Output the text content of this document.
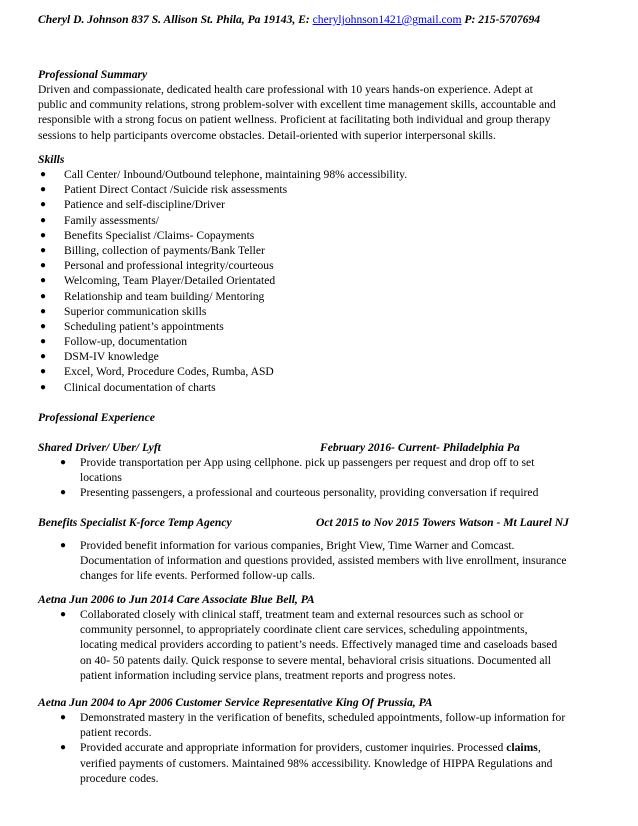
Cheryl D. Johnson 837 S. Allison St. Phila, Pa 19143, E: cheryljohnson1421@gmail.com P: 215-5707694
Professional Summary
Driven and compassionate, dedicated health care professional with 10 years hands-on experience. Adept at
public and community relations, strong problem-solver with excellent time management skills, accountable and
responsible with a strong focus on patient wellness. Proficient at facilitating both individual and group therapy
sessions to help participants overcome obstacles. Detail-oriented with superior interpersonal skills.
Skills
● Call Center/ Inbound/Outbound telephone, maintaining 98% accessibility.
● Patient Direct Contact /Suicide risk assessments
● Patience and self-discipline/Driver
● Family assessments/
● Benefits Specialist /Claims- Copayments
● Billing, collection of payments/Bank Teller
● Personal and professional integrity/courteous
● Welcoming, Team Player/Detailed Orientated
● Relationship and team building/ Mentoring
● Superior communication skills
● Scheduling patient’s appointments
● Follow-up, documentation
● DSM-IV knowledge
● Excel, Word, Procedure Codes, Rumba, ASD
● Clinical documentation of charts
Professional Experience
Shared Driver/ Uber/ Lyft	February 2016- Current- Philadelphia Pa
● Provide transportation per App using cellphone. pick up passengers per request and drop off to set
locations
● Presenting passengers, a professional and courteous personality, providing conversation if required
Benefits Specialist K-force Temp Agency	Oct 2015 to Nov 2015 Towers Watson - Mt Laurel NJ
● Provided benefit information for various companies, Bright View, Time Warner and Comcast.
Documentation of information and questions provided, assisted members with live enrollment, insurance
changes for life events. Performed follow-up calls.
Aetna Jun 2006 to Jun 2014 Care Associate Blue Bell, PA
● Collaborated closely with clinical staff, treatment team and external resources such as school or
community personnel, to appropriately coordinate client care services, scheduling appointments,
locating medical providers according to patient’s needs. Effectively managed time and caseloads based
on 40- 50 patents daily. Quick response to severe mental, behavioral crisis situations. Documented all
patient information including service plans, treatment reports and progress notes.
Aetna Jun 2004 to Apr 2006 Customer Service Representative King Of Prussia, PA
● Demonstrated mastery in the verification of benefits, scheduled appointments, follow-up information for
patient records.
● Provided accurate and appropriate information for providers, customer inquiries. Processed claims,
verified payments of customers. Maintained 98% accessibility. Knowledge of HIPPA Regulations and
procedure codes.
